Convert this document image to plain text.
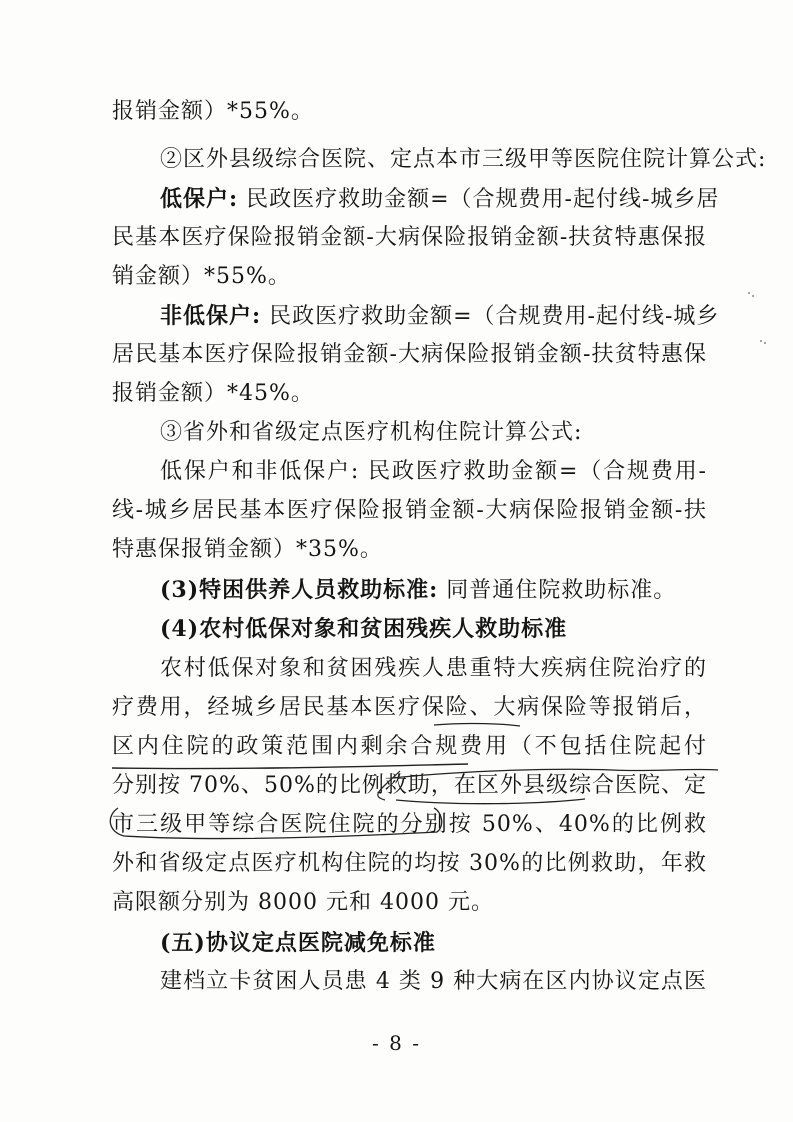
报销金额）*55%。
②区外县级综合医院、定点本市三级甲等医院住院计算公式:
低保户: 民政医疗救助金额=（合规费用-起付线-城乡居
民基本医疗保险报销金额-大病保险报销金额-扶贫特惠保报
销金额）*55%。
非低保户: 民政医疗救助金额=（合规费用-起付线-城乡
居民基本医疗保险报销金额-大病保险报销金额-扶贫特惠保
报销金额）*45%。
③省外和省级定点医疗机构住院计算公式:
低保户和非低保户: 民政医疗救助金额=（合规费用-
线-城乡居民基本医疗保险报销金额-大病保险报销金额-扶
特惠保报销金额）*35%。
(3)特困供养人员救助标准: 同普通住院救助标准。
(4)农村低保对象和贫困残疾人救助标准
农村低保对象和贫困残疾人患重特大疾病住院治疗的
疗费用，经城乡居民基本医疗保险、大病保险等报销后，
区内住院的政策范围内剩余合规费用（不包括住院起付
分别按 70%、50%的比例救助，在区外县级综合医院、定
市三级甲等综合医院住院的分别按 50%、40%的比例救
外和省级定点医疗机构住院的均按 30%的比例救助，年救
高限额分别为 8000 元和 4000 元。
(五)协议定点医院减免标准
建档立卡贫困人员患 4 类 9 种大病在区内协议定点医
- 8 -
